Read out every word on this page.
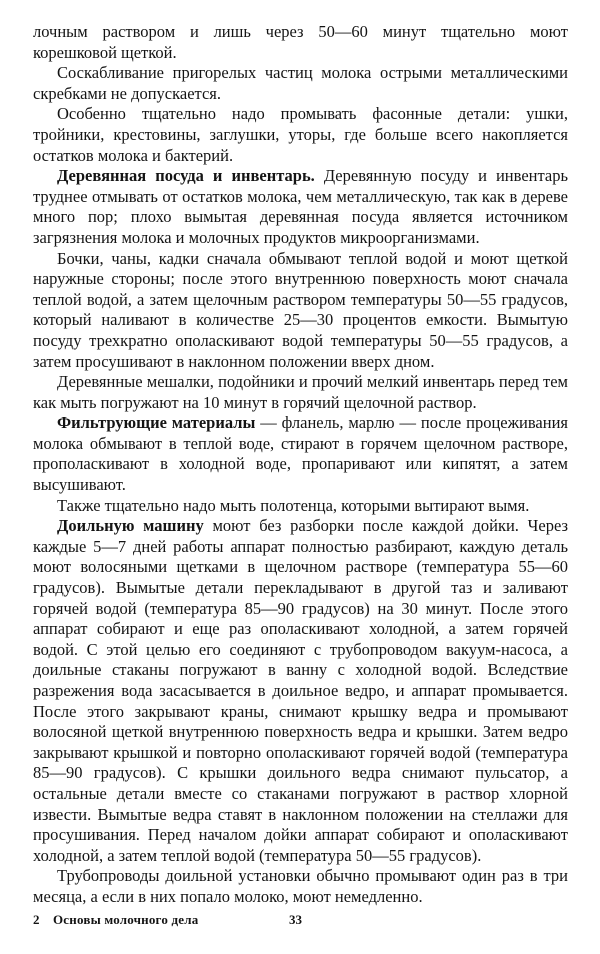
лочным раствором и лишь через 50—60 минут тщательно моют корешковой щеткой.

Соскабливание пригорелых частиц молока острыми металлическими скребками не допускается.

Особенно тщательно надо промывать фасонные детали: ушки, тройники, крестовины, заглушки, уторы, где больше всего накопляется остатков молока и бактерий.

Деревянная посуда и инвентарь. Деревянную посуду и инвентарь труднее отмывать от остатков молока, чем металлическую, так как в дереве много пор; плохо вымытая деревянная посуда является источником загрязнения молока и молочных продуктов микроорганизмами.

Бочки, чаны, кадки сначала обмывают теплой водой и моют щеткой наружные стороны; после этого внутреннюю поверхность моют сначала теплой водой, а затем щелочным раствором температуры 50—55 градусов, который наливают в количестве 25—30 процентов емкости. Вымытую посуду трехкратно ополаскивают водой температуры 50—55 градусов, а затем просушивают в наклонном положении вверх дном.

Деревянные мешалки, подойники и прочий мелкий инвентарь перед тем как мыть погружают на 10 минут в горячий щелочной раствор.

Фильтрующие материалы — фланель, марлю — после процеживания молока обмывают в теплой воде, стирают в горячем щелочном растворе, прополаскивают в холодной воде, пропаривают или кипятят, а затем высушивают.

Также тщательно надо мыть полотенца, которыми вытирают вымя.

Доильную машину моют без разборки после каждой дойки. Через каждые 5—7 дней работы аппарат полностью разбирают, каждую деталь моют волосяными щетками в щелочном растворе (температура 55—60 градусов). Вымытые детали перекладывают в другой таз и заливают горячей водой (температура 85—90 градусов) на 30 минут. После этого аппарат собирают и еще раз ополаскивают холодной, а затем горячей водой. С этой целью его соединяют с трубопроводом вакуум-насоса, а доильные стаканы погружают в ванну с холодной водой. Вследствие разрежения вода засасывается в доильное ведро, и аппарат промывается. После этого закрывают краны, снимают крышку ведра и промывают волосяной щеткой внутреннюю поверхность ведра и крышки. Затем ведро закрывают крышкой и повторно ополаскивают горячей водой (температура 85—90 градусов). С крышки доильного ведра снимают пульсатор, а остальные детали вместе со стаканами погружают в раствор хлорной извести. Вымытые ведра ставят в наклонном положении на стеллажи для просушивания. Перед началом дойки аппарат собирают и ополаскивают холодной, а затем теплой водой (температура 50—55 градусов).

Трубопроводы доильной установки обычно промывают один раз в три месяца, а если в них попало молоко, моют немедленно.

2 Основы молочного дела	33
